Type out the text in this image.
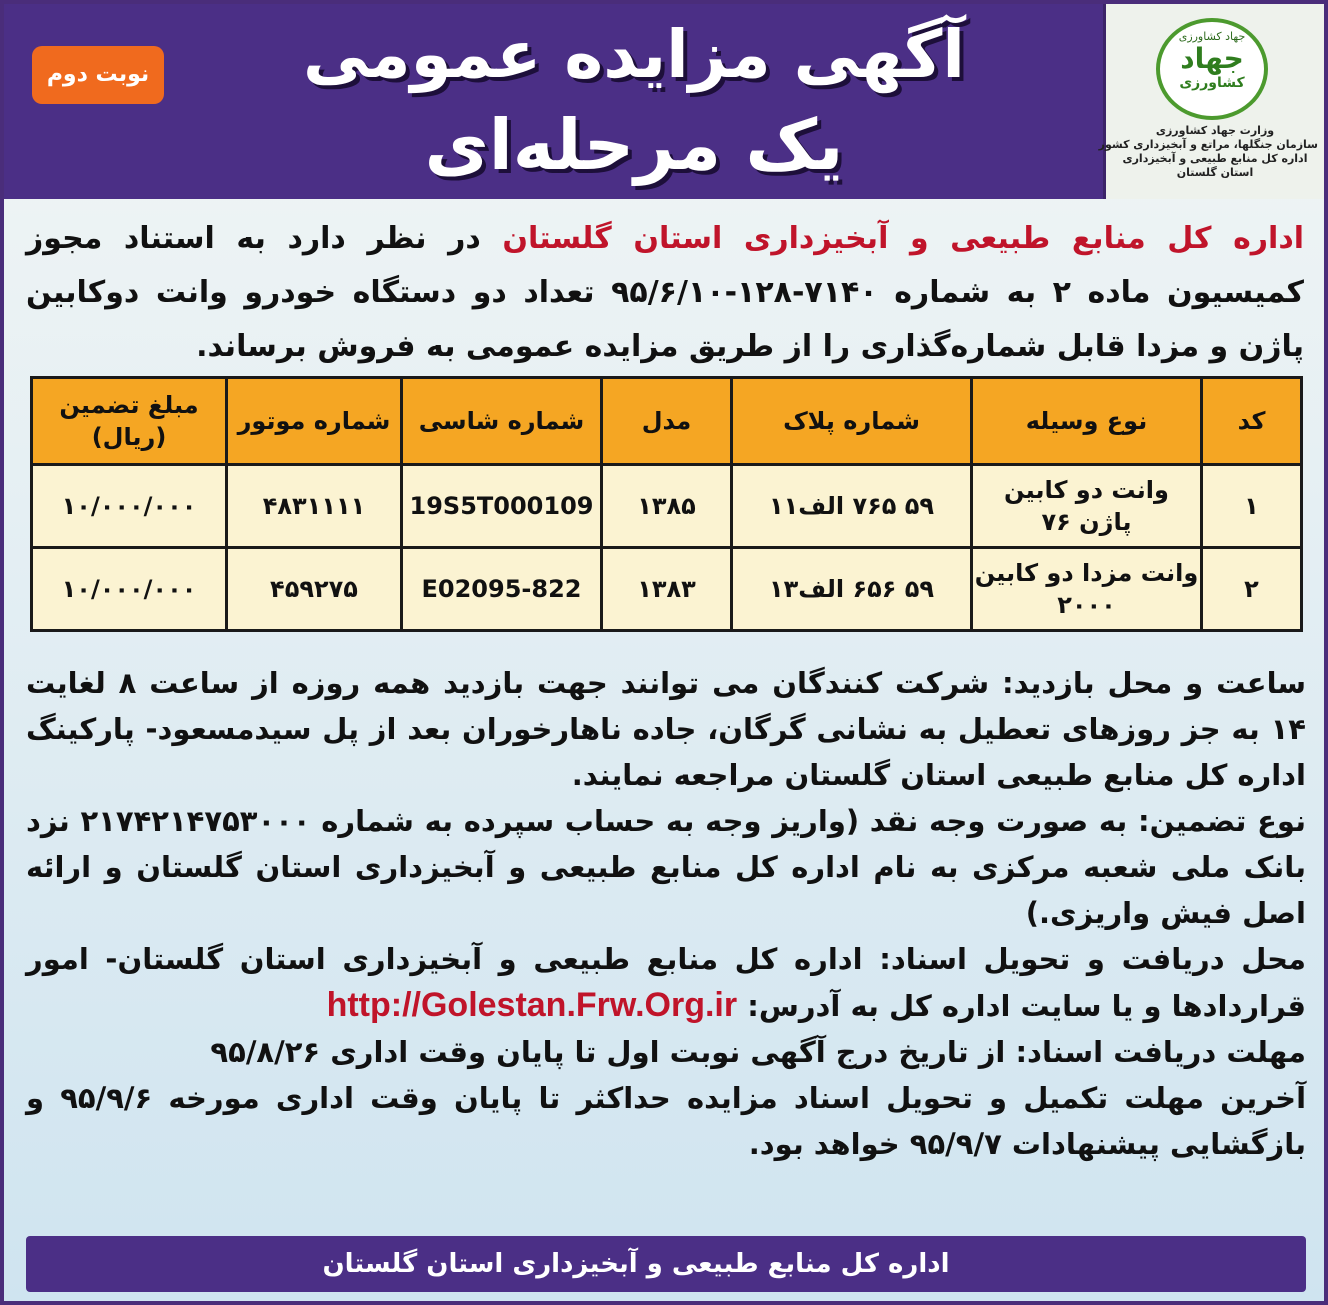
نوبت دوم	آگهی مزایده عمومی
یک مرحله‌ای
جهاد کشاورزی
جهاد
کشاورزی
وزارت جهاد کشاورزی
سازمان جنگلها، مراتع و آبخیزداری کشور
اداره کل منابع طبیعی و آبخیزداری
استان گلستان

اداره کل منابع طبیعی و آبخیزداری استان گلستان در نظر دارد به استناد مجوز کمیسیون ماده ۲ به شماره ۷۱۴۰-۱۲۸-۹۵/۶/۱۰ تعداد دو دستگاه خودرو وانت دوکابین پاژن و مزدا قابل شماره‌گذاری را از طریق مزایده عمومی به فروش برساند.

کد	نوع وسیله	شماره پلاک	مدل	شماره شاسی	شماره موتور	مبلغ تضمین (ریال)
۱	وانت دو کابین پاژن ۷۶	۵۹ ۷۶۵ الف۱۱	۱۳۸۵	19S5T000109	۴۸۳۱۱۱۱	۱۰/۰۰۰/۰۰۰
۲	وانت مزدا دو کابین ۲۰۰۰	۵۹ ۶۵۶ الف۱۳	۱۳۸۳	822-E02095	۴۵۹۲۷۵	۱۰/۰۰۰/۰۰۰

ساعت و محل بازدید: شرکت کنندگان می توانند جهت بازدید همه روزه از ساعت ۸ لغایت ۱۴ به جز روزهای تعطیل به نشانی گرگان، جاده ناهارخوران بعد از پل سیدمسعود- پارکینگ اداره کل منابع طبیعی استان گلستان مراجعه نمایند.

نوع تضمین: به صورت وجه نقد (واریز وجه به حساب سپرده به شماره ۲۱۷۴۲۱۴۷۵۳۰۰۰ نزد بانک ملی شعبه مرکزی به نام اداره کل منابع طبیعی و آبخیزداری استان گلستان و ارائه اصل فیش واریزی.)

محل دریافت و تحویل اسناد: اداره کل منابع طبیعی و آبخیزداری استان گلستان- امور قراردادها و یا سایت اداره کل به آدرس: http://Golestan.Frw.Org.ir

مهلت دریافت اسناد: از تاریخ درج آگهی نوبت اول تا پایان وقت اداری ۹۵/۸/۲۶

آخرین مهلت تکمیل و تحویل اسناد مزایده حداکثر تا پایان وقت اداری مورخه ۹۵/۹/۶ و بازگشایی پیشنهادات ۹۵/۹/۷ خواهد بود.

اداره کل منابع طبیعی و آبخیزداری استان گلستان
